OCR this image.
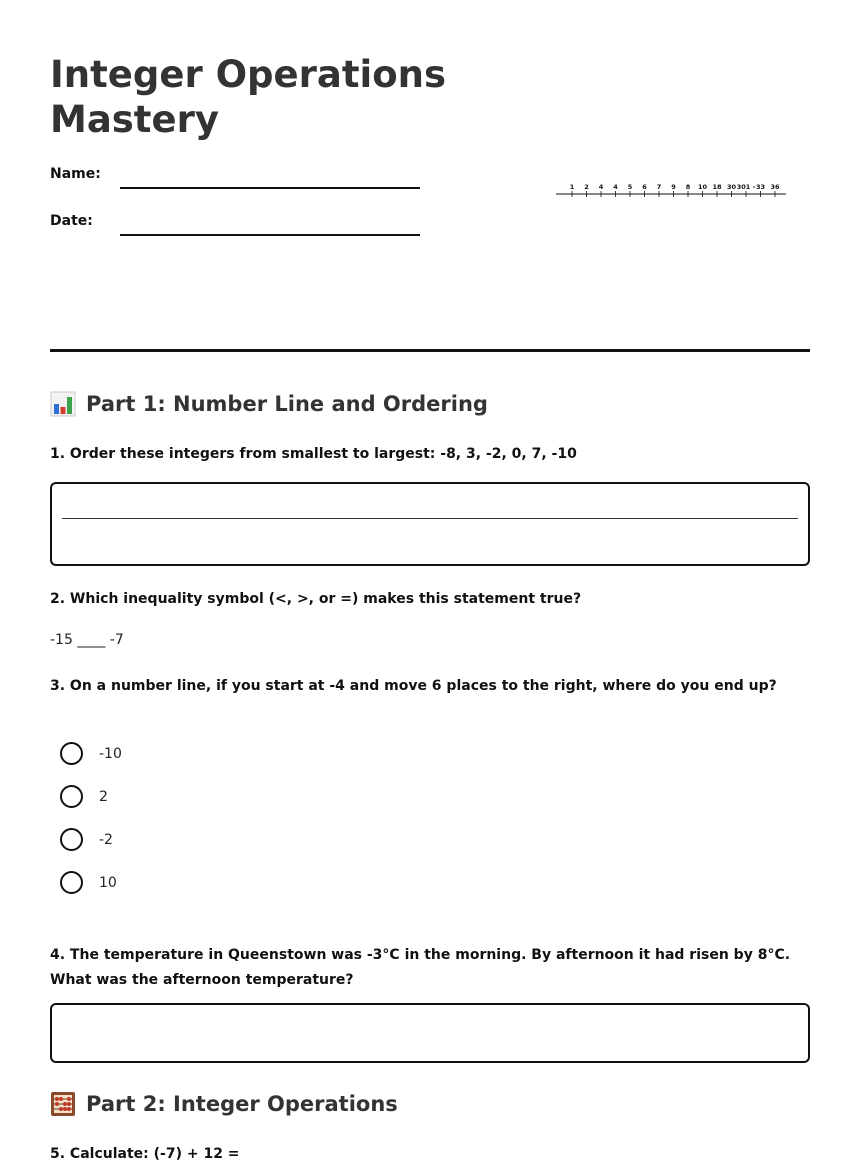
Integer Operations
Mastery
Name:
Date:
1 2 4 4 5 6 7 9 8 10 18 30 301 - 33 36
Part 1: Number Line and Ordering

1. Order these integers from smallest to largest: -8, 3, -2, 0, 7, -10

2. Which inequality symbol (<, >, or =) makes this statement true?

-15 ____ -7

3. On a number line, if you start at -4 and move 6 places to the right, where do you end up?

-10
2
-2
10

4. The temperature in Queenstown was -3°C in the morning. By afternoon it had risen by 8°C. What was the afternoon temperature?

Part 2: Integer Operations

5. Calculate: (-7) + 12 =
